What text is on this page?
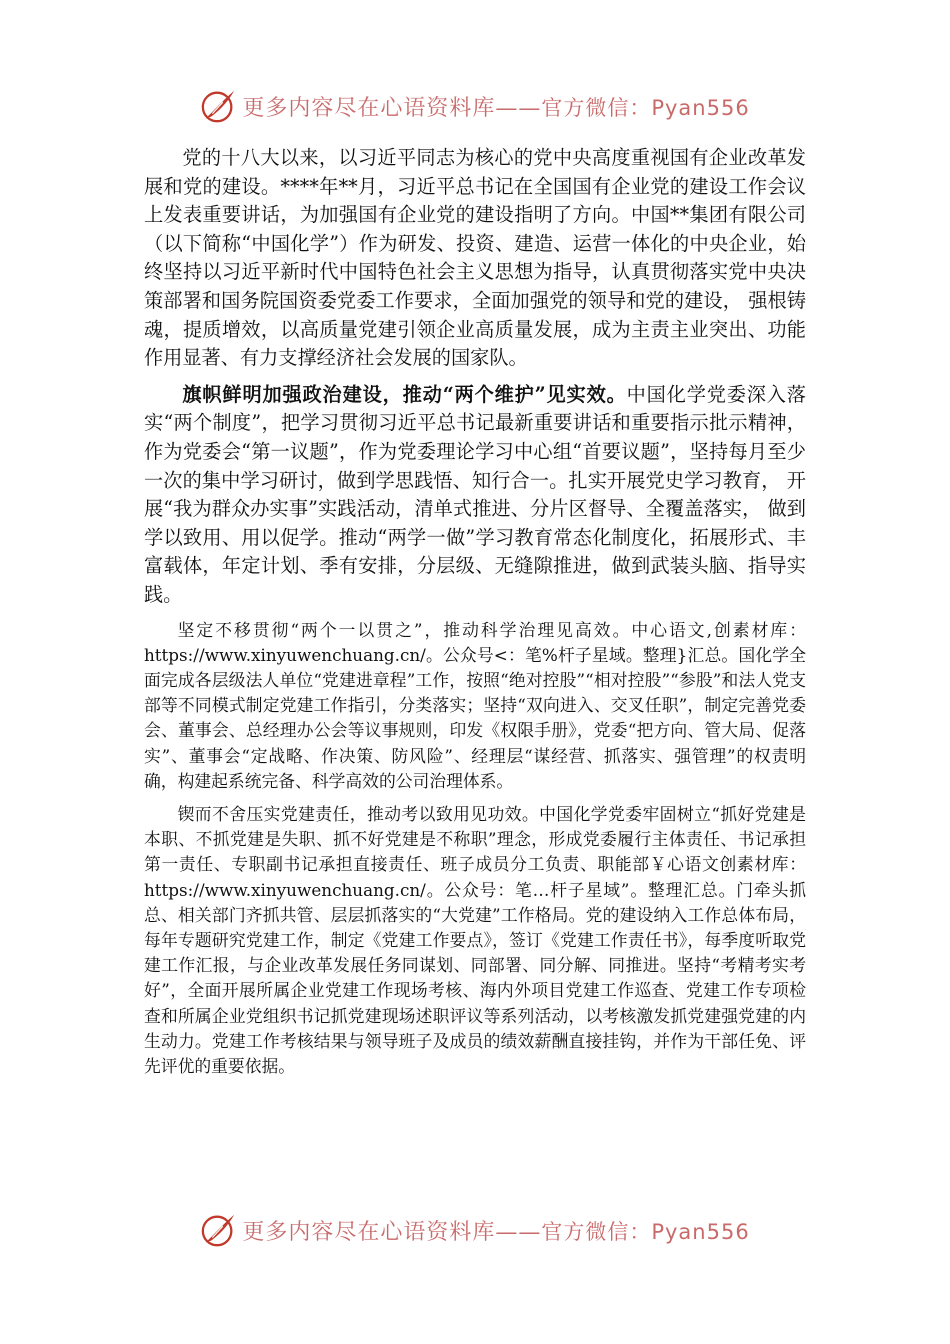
更多内容尽在心语资料库——官方微信：Pyan556

党的十八大以来，以习近平同志为核心的党中央高度重视国有企业改革发展和党的建设。****年**月，习近平总书记在全国国有企业党的建设工作会议上发表重要讲话，为加强国有企业党的建设指明了方向。中国**集团有限公司（以下简称“中国化学”）作为研发、投资、建造、运营一体化的中央企业，始终坚持以习近平新时代中国特色社会主义思想为指导，认真贯彻落实党中央决策部署和国务院国资委党委工作要求，全面加强党的领导和党的建设， 强根铸魂，提质增效，以高质量党建引领企业高质量发展，成为主责主业突出、功能作用显著、有力支撑经济社会发展的国家队。

旗帜鲜明加强政治建设，推动“两个维护”见实效。中国化学党委深入落实“两个制度”，把学习贯彻习近平总书记最新重要讲话和重要指示批示精神， 作为党委会“第一议题”，作为党委理论学习中心组“首要议题”，坚持每月至少一次的集中学习研讨，做到学思践悟、知行合一。扎实开展党史学习教育， 开展“我为群众办实事”实践活动，清单式推进、分片区督导、全覆盖落实， 做到学以致用、用以促学。推动“两学一做”学习教育常态化制度化，拓展形式、丰富载体，年定计划、季有安排，分层级、无缝隙推进，做到武装头脑、指导实践。

坚定不移贯彻“两个一以贯之”，推动科学治理见高效。中心语文,创素材库：https://www.xinyuwenchuang.cn/。公众号<：笔%杆子星域。整理}汇总。国化学全面完成各层级法人单位“党建进章程”工作，按照“绝对控股”“相对控股”“参股”和法人党支部等不同模式制定党建工作指引，分类落实；坚持“双向进入、交叉任职”，制定完善党委会、董事会、总经理办公会等议事规则，印发《权限手册》，党委“把方向、管大局、促落实”、董事会“定战略、作决策、防风险”、经理层“谋经营、抓落实、强管理”的权责明确，构建起系统完备、科学高效的公司治理体系。

锲而不舍压实党建责任，推动考以致用见功效。中国化学党委牢固树立“抓好党建是本职、不抓党建是失职、抓不好党建是不称职”理念，形成党委履行主体责任、书记承担第一责任、专职副书记承担直接责任、班子成员分工负责、职能部￥心语文创素材库：https://www.xinyuwenchuang.cn/。公众号：笔…杆子星域”。整理汇总。门牵头抓总、相关部门齐抓共管、层层抓落实的“大党建”工作格局。党的建设纳入工作总体布局，每年专题研究党建工作，制定《党建工作要点》，签订《党建工作责任书》，每季度听取党建工作汇报，与企业改革发展任务同谋划、同部署、同分解、同推进。坚持“考精考实考好”，全面开展所属企业党建工作现场考核、海内外项目党建工作巡查、党建工作专项检查和所属企业党组织书记抓党建现场述职评议等系列活动，以考核激发抓党建强党建的内生动力。党建工作考核结果与领导班子及成员的绩效薪酬直接挂钩，并作为干部任免、评先评优的重要依据。

更多内容尽在心语资料库——官方微信：Pyan556
